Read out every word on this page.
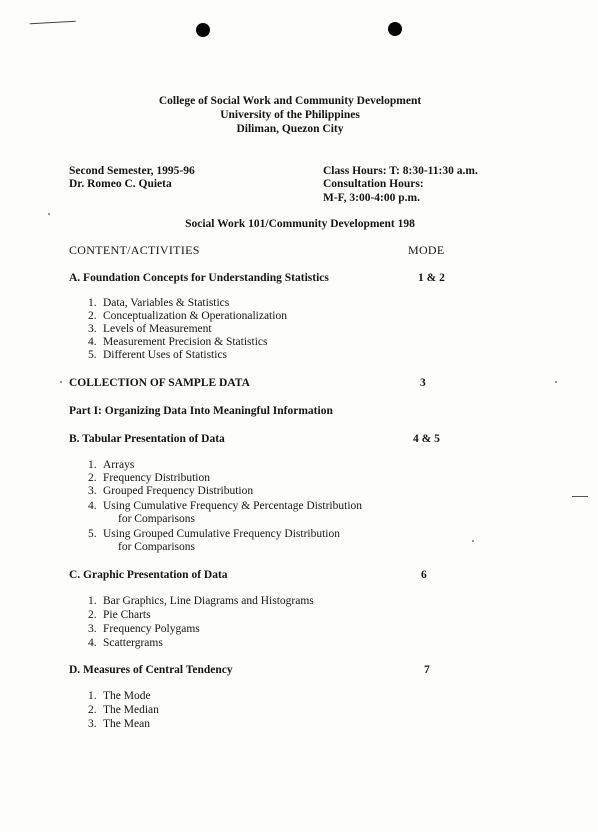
College of Social Work and Community Development
University of the Philippines
Diliman, Quezon City
Second Semester, 1995-96
Dr. Romeo C. Quieta
Class Hours: T: 8:30-11:30 a.m.
Consultation Hours:
M-F, 3:00-4:00 p.m.
Social Work 101/Community Development 198
CONTENT/ACTIVITIES	MODE
A. Foundation Concepts for Understanding Statistics	1 & 2
1. Data, Variables & Statistics
2. Conceptualization & Operationalization
3. Levels of Measurement
4. Measurement Precision & Statistics
5. Different Uses of Statistics
COLLECTION OF SAMPLE DATA	3
Part I: Organizing Data Into Meaningful Information
B. Tabular Presentation of Data	4 & 5
1. Arrays
2. Frequency Distribution
3. Grouped Frequency Distribution
4. Using Cumulative Frequency & Percentage Distribution
for Comparisons
5. Using Grouped Cumulative Frequency Distribution
for Comparisons
C. Graphic Presentation of Data	6
1. Bar Graphics, Line Diagrams and Histograms
2. Pie Charts
3. Frequency Polygams
4. Scattergrams
D. Measures of Central Tendency	7
1. The Mode
2. The Median
3. The Mean
